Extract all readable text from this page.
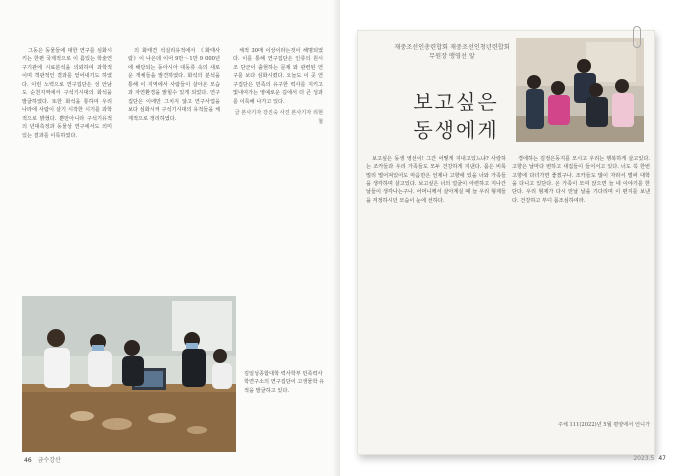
그동은 동물들에 대한 연구를 심화시키는 한편 국제적으로 이 름있는 학술연구기관에 시료분석을 의뢰하여 과학적이며 객관적인 결과를 얻어내기도 하였다. 이런 노력으로 연구집단은 성 안남도 순천지역에서 구석기시대의 화석을 발굴하였다. 또한 화석을 통하여 우리 나라에 사람이 살기 시작한 시기를 과학적으로 밝혔다. 뿐만아니라 구석기유적의 년대측정과 동물상 연구에서도 의미있는 결과를 이룩하였다.

의 화태견 석실리유적에서 《화태사람》이 나온데 이어 9만～1만 9 000년에 해당되는 동아시아 대동류 속의 새로운 개체들을 발견하였다. 화석의 분석을 통해 이 지역에서 사람들이 살아온 모습과 자연환경을 밝힐수 있게 되었다. 연구집단은 이에만 그치지 않고 연구사업을 보다 심화시켜 구석기시대의 유적들을 체계적으로 정리하였다.

체적 30매 이상이라는것이 해명되였다. 이를 통해 연구집단은 인류의 원시조 단군이 출현하는 문제 와 관련된 연구를 보다 심화시켰다. 오늘도 이 곳 연구집단은 민족의 유구한 력사를 지키고 빛내여가는 영예로운 길에서 더 큰 성과를 이룩해 나가고 있다.

글 본사기자 강진숙 사진 본사기자 리현철
김일성종합대학 력사학부 민족력사학연구소의 연구집단이 고생물학 유적을 발굴하고 있다.
46 금수강산
재중조선인총련합회 재중조선인청년련합회
무원장 맹영선 앞
보고싶은
동생에게

보고싶은 동생 영선이! 그간 어떻게 지내고있느냐? 사랑하는 조카들과 우리 가족들도 모두 건강하게 지낸다. 몸은 비록 멀리 떨어져있어도 마음만은 언제나 고향에 있을 너와 가족들을 생각하며 살고있다. 보고싶은 너의 얼굴이 아련하고 지나간 날들이 생각나는구나. 어머니께서 살아계실 때 늘 우리 형제들을 걱정하시던 모습이 눈에 선하다.

경애하는 김정은동지를 모시고 우리는 행복하게 살고있다. 고향은 날마다 변하고 새집들이 들어서고 있다. 너도 꼭 한번 고향에 다녀가면 좋겠구나. 조카들도 많이 자라서 벌써 대학을 다니고 있단다. 온 가족이 모여 앉으면 늘 네 이야기를 한단다. 우리 형제가 다시 만날 날을 기다리며 이 편지를 보낸다. 건강하고 부디 몸조심하여라.

주체 111(2022)년 5월 평양에서 언니가
2023.5 47
